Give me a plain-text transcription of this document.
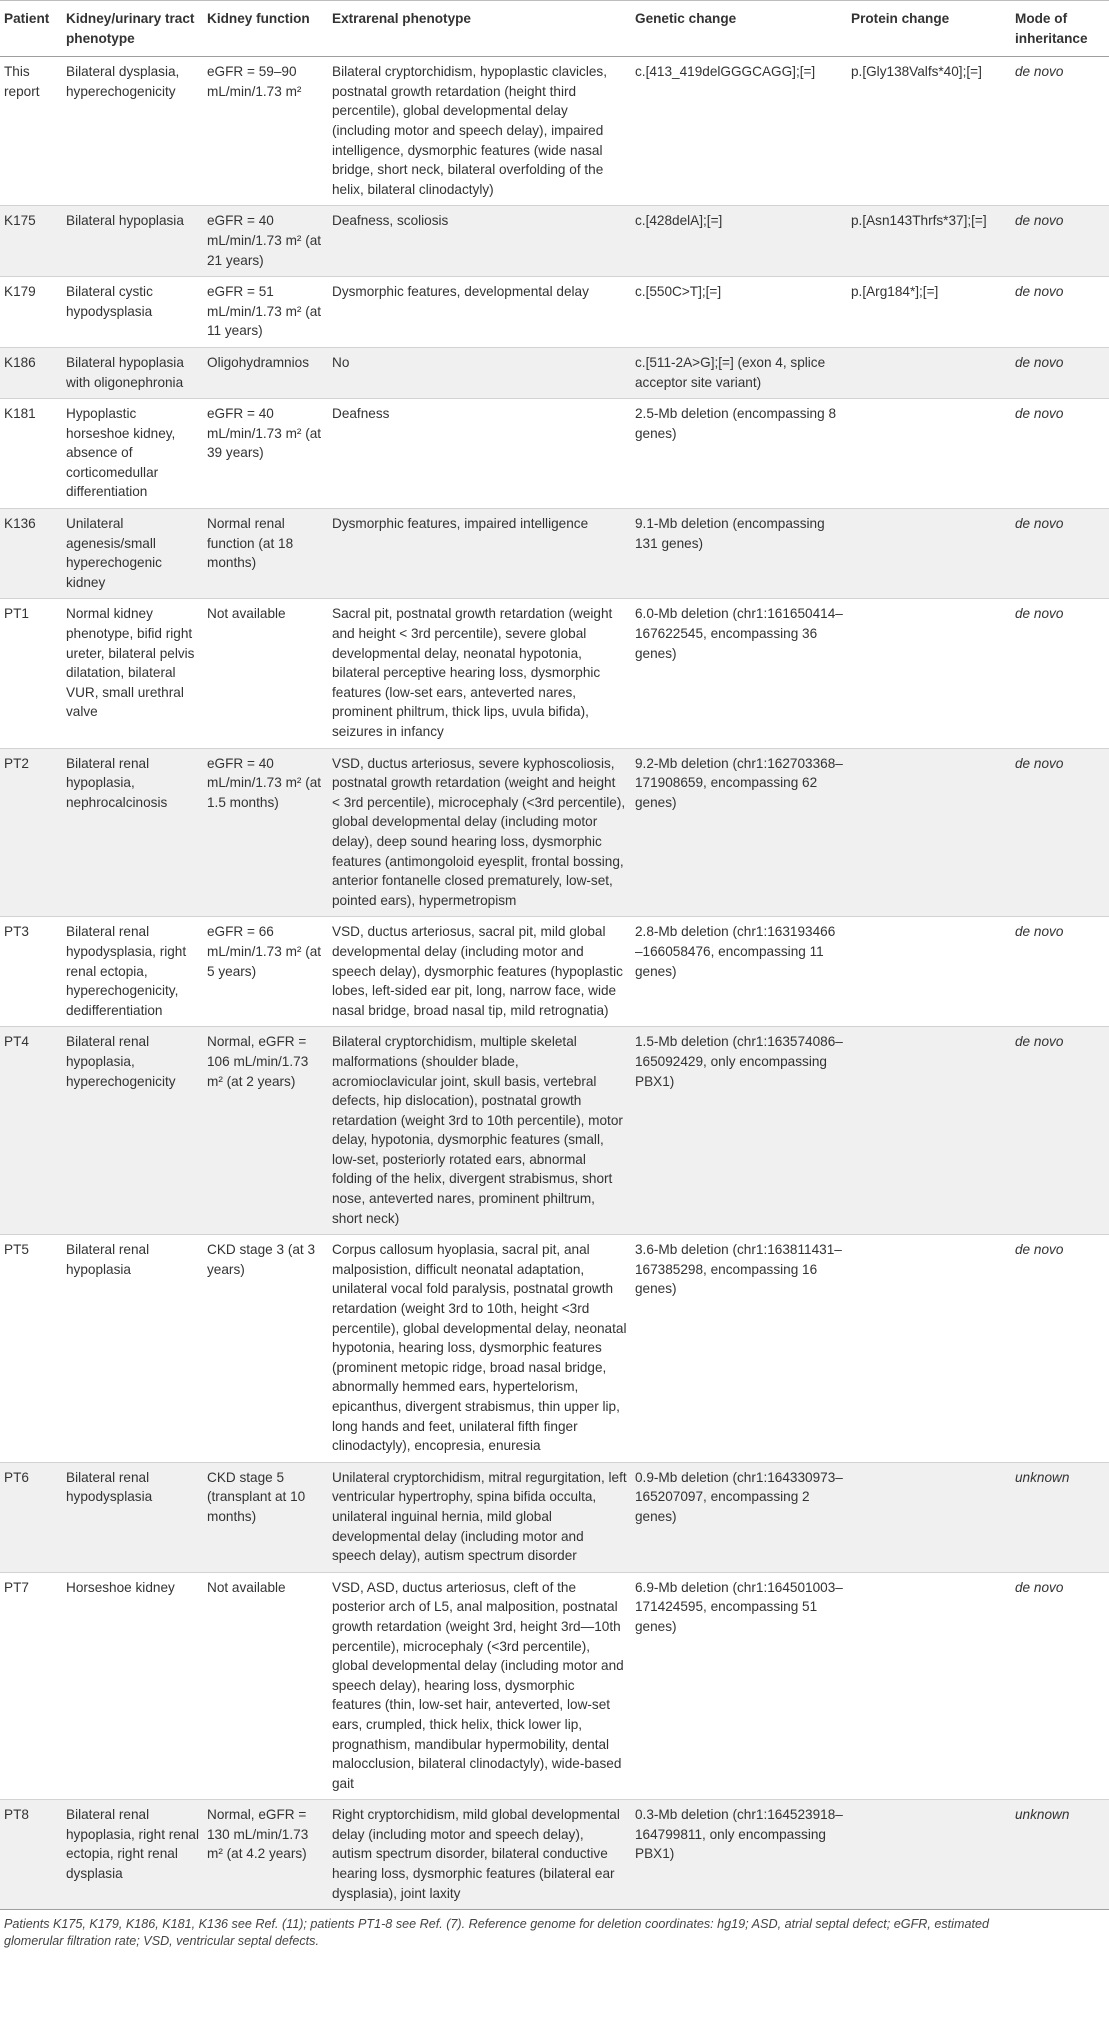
Patient	Kidney/urinary tract phenotype	Kidney function	Extrarenal phenotype	Genetic change	Protein change	Mode of inheritance
This report	Bilateral dysplasia, hyperechogenicity	eGFR = 59–90 mL/min/1.73 m²	Bilateral cryptorchidism, hypoplastic clavicles, postnatal growth retardation (height third percentile), global developmental delay (including motor and speech delay), impaired intelligence, dysmorphic features (wide nasal bridge, short neck, bilateral overfolding of the helix, bilateral clinodactyly)	c.[413_419delGGGCAGG];[=]	p.[Gly138Valfs*40];[=]	de novo
K175	Bilateral hypoplasia	eGFR = 40 mL/min/1.73 m² (at 21 years)	Deafness, scoliosis	c.[428delA];[=]	p.[Asn143Thrfs*37];[=]	de novo
K179	Bilateral cystic hypodysplasia	eGFR = 51 mL/min/1.73 m² (at 11 years)	Dysmorphic features, developmental delay	c.[550C>T];[=]	p.[Arg184*];[=]	de novo
K186	Bilateral hypoplasia with oligonephronia	Oligohydramnios	No	c.[511-2A>G];[=] (exon 4, splice acceptor site variant)		de novo
K181	Hypoplastic horseshoe kidney, absence of corticomedullar differentiation	eGFR = 40 mL/min/1.73 m² (at 39 years)	Deafness	2.5-Mb deletion (encompassing 8 genes)		de novo
K136	Unilateral agenesis/small hyperechogenic kidney	Normal renal function (at 18 months)	Dysmorphic features, impaired intelligence	9.1-Mb deletion (encompassing 131 genes)		de novo
PT1	Normal kidney phenotype, bifid right ureter, bilateral pelvis dilatation, bilateral VUR, small urethral valve	Not available	Sacral pit, postnatal growth retardation (weight and height < 3rd percentile), severe global developmental delay, neonatal hypotonia, bilateral perceptive hearing loss, dysmorphic features (low-set ears, anteverted nares, prominent philtrum, thick lips, uvula bifida), seizures in infancy	6.0-Mb deletion (chr1:161650414–167622545, encompassing 36 genes)		de novo
PT2	Bilateral renal hypoplasia, nephrocalcinosis	eGFR = 40 mL/min/1.73 m² (at 1.5 months)	VSD, ductus arteriosus, severe kyphoscoliosis, postnatal growth retardation (weight and height < 3rd percentile), microcephaly (<3rd percentile), global developmental delay (including motor delay), deep sound hearing loss, dysmorphic features (antimongoloid eyesplit, frontal bossing, anterior fontanelle closed prematurely, low-set, pointed ears), hypermetropism	9.2-Mb deletion (chr1:162703368–171908659, encompassing 62 genes)		de novo
PT3	Bilateral renal hypodysplasia, right renal ectopia, hyperechogenicity, dedifferentiation	eGFR = 66 mL/min/1.73 m² (at 5 years)	VSD, ductus arteriosus, sacral pit, mild global developmental delay (including motor and speech delay), dysmorphic features (hypoplastic lobes, left-sided ear pit, long, narrow face, wide nasal bridge, broad nasal tip, mild retrognatia)	2.8-Mb deletion (chr1:163193466 –166058476, encompassing 11 genes)		de novo
PT4	Bilateral renal hypoplasia, hyperechogenicity	Normal, eGFR = 106 mL/min/1.73 m² (at 2 years)	Bilateral cryptorchidism, multiple skeletal malformations (shoulder blade, acromioclavicular joint, skull basis, vertebral defects, hip dislocation), postnatal growth retardation (weight 3rd to 10th percentile), motor delay, hypotonia, dysmorphic features (small, low-set, posteriorly rotated ears, abnormal folding of the helix, divergent strabismus, short nose, anteverted nares, prominent philtrum, short neck)	1.5-Mb deletion (chr1:163574086–165092429, only encompassing PBX1)		de novo
PT5	Bilateral renal hypoplasia	CKD stage 3 (at 3 years)	Corpus callosum hyoplasia, sacral pit, anal malposistion, difficult neonatal adaptation, unilateral vocal fold paralysis, postnatal growth retardation (weight 3rd to 10th, height <3rd percentile), global developmental delay, neonatal hypotonia, hearing loss, dysmorphic features (prominent metopic ridge, broad nasal bridge, abnormally hemmed ears, hypertelorism, epicanthus, divergent strabismus, thin upper lip, long hands and feet, unilateral fifth finger clinodactyly), encopresia, enuresia	3.6-Mb deletion (chr1:163811431–167385298, encompassing 16 genes)		de novo
PT6	Bilateral renal hypodysplasia	CKD stage 5 (transplant at 10 months)	Unilateral cryptorchidism, mitral regurgitation, left ventricular hypertrophy, spina bifida occulta, unilateral inguinal hernia, mild global developmental delay (including motor and speech delay), autism spectrum disorder	0.9-Mb deletion (chr1:164330973–165207097, encompassing 2 genes)		unknown
PT7	Horseshoe kidney	Not available	VSD, ASD, ductus arteriosus, cleft of the posterior arch of L5, anal malposition, postnatal growth retardation (weight 3rd, height 3rd—10th percentile), microcephaly (<3rd percentile), global developmental delay (including motor and speech delay), hearing loss, dysmorphic features (thin, low-set hair, anteverted, low-set ears, crumpled, thick helix, thick lower lip, prognathism, mandibular hypermobility, dental malocclusion, bilateral clinodactyly), wide-based gait	6.9-Mb deletion (chr1:164501003–171424595, encompassing 51 genes)		de novo
PT8	Bilateral renal hypoplasia, right renal ectopia, right renal dysplasia	Normal, eGFR = 130 mL/min/1.73 m² (at 4.2 years)	Right cryptorchidism, mild global developmental delay (including motor and speech delay), autism spectrum disorder, bilateral conductive hearing loss, dysmorphic features (bilateral ear dysplasia), joint laxity	0.3-Mb deletion (chr1:164523918–164799811, only encompassing PBX1)		unknown
Patients K175, K179, K186, K181, K136 see Ref. (11); patients PT1-8 see Ref. (7). Reference genome for deletion coordinates: hg19; ASD, atrial septal defect; eGFR, estimated glomerular filtration rate; VSD, ventricular septal defects.
